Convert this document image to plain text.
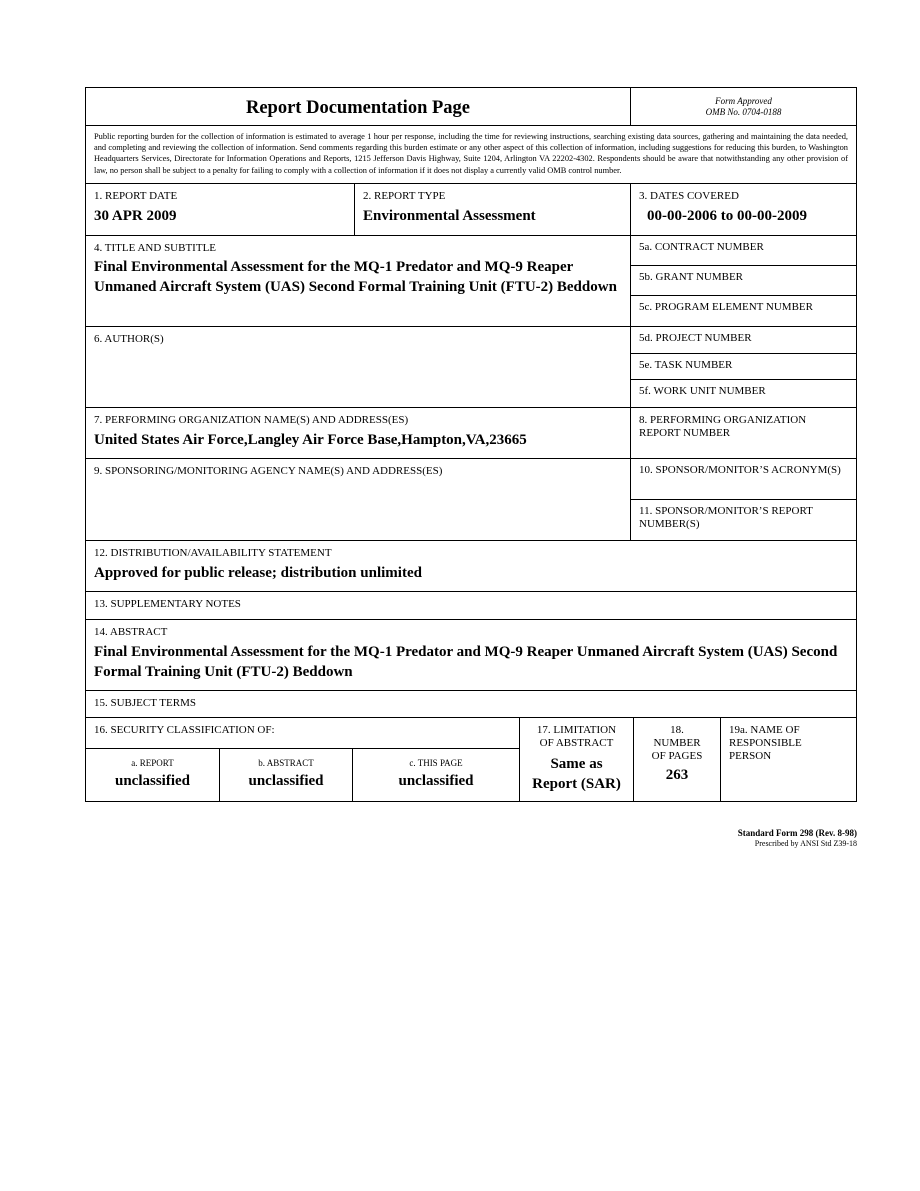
Report Documentation Page	Form Approved
OMB No. 0704-0188
Public reporting burden for the collection of information is estimated to average 1 hour per response, including the time for reviewing instructions, searching existing data sources, gathering and maintaining the data needed, and completing and reviewing the collection of information. Send comments regarding this burden estimate or any other aspect of this collection of information, including suggestions for reducing this burden, to Washington Headquarters Services, Directorate for Information Operations and Reports, 1215 Jefferson Davis Highway, Suite 1204, Arlington VA 22202-4302. Respondents should be aware that notwithstanding any other provision of law, no person shall be subject to a penalty for failing to comply with a collection of information if it does not display a currently valid OMB control number.
1. REPORT DATE
30 APR 2009
2. REPORT TYPE
Environmental Assessment
3. DATES COVERED
00-00-2006 to 00-00-2009
4. TITLE AND SUBTITLE
Final Environmental Assessment for the MQ-1 Predator and MQ-9 Reaper Unmaned Aircraft System (UAS) Second Formal Training Unit (FTU-2) Beddown
5a. CONTRACT NUMBER
5b. GRANT NUMBER
5c. PROGRAM ELEMENT NUMBER
6. AUTHOR(S)	5d. PROJECT NUMBER
5e. TASK NUMBER
5f. WORK UNIT NUMBER
7. PERFORMING ORGANIZATION NAME(S) AND ADDRESS(ES)
United States Air Force,Langley Air Force Base,Hampton,VA,23665
8. PERFORMING ORGANIZATION REPORT NUMBER
9. SPONSORING/MONITORING AGENCY NAME(S) AND ADDRESS(ES)	10. SPONSOR/MONITOR’S ACRONYM(S)
11. SPONSOR/MONITOR’S REPORT NUMBER(S)
12. DISTRIBUTION/AVAILABILITY STATEMENT
Approved for public release; distribution unlimited
13. SUPPLEMENTARY NOTES
14. ABSTRACT
Final Environmental Assessment for the MQ-1 Predator and MQ-9 Reaper Unmaned Aircraft System (UAS) Second Formal Training Unit (FTU-2) Beddown
15. SUBJECT TERMS
16. SECURITY CLASSIFICATION OF:
a. REPORT
unclassified
b. ABSTRACT
unclassified
c. THIS PAGE
unclassified
17. LIMITATION OF ABSTRACT
Same as Report (SAR)
18. NUMBER OF PAGES
263
19a. NAME OF RESPONSIBLE PERSON
Standard Form 298 (Rev. 8-98)
Prescribed by ANSI Std Z39-18
